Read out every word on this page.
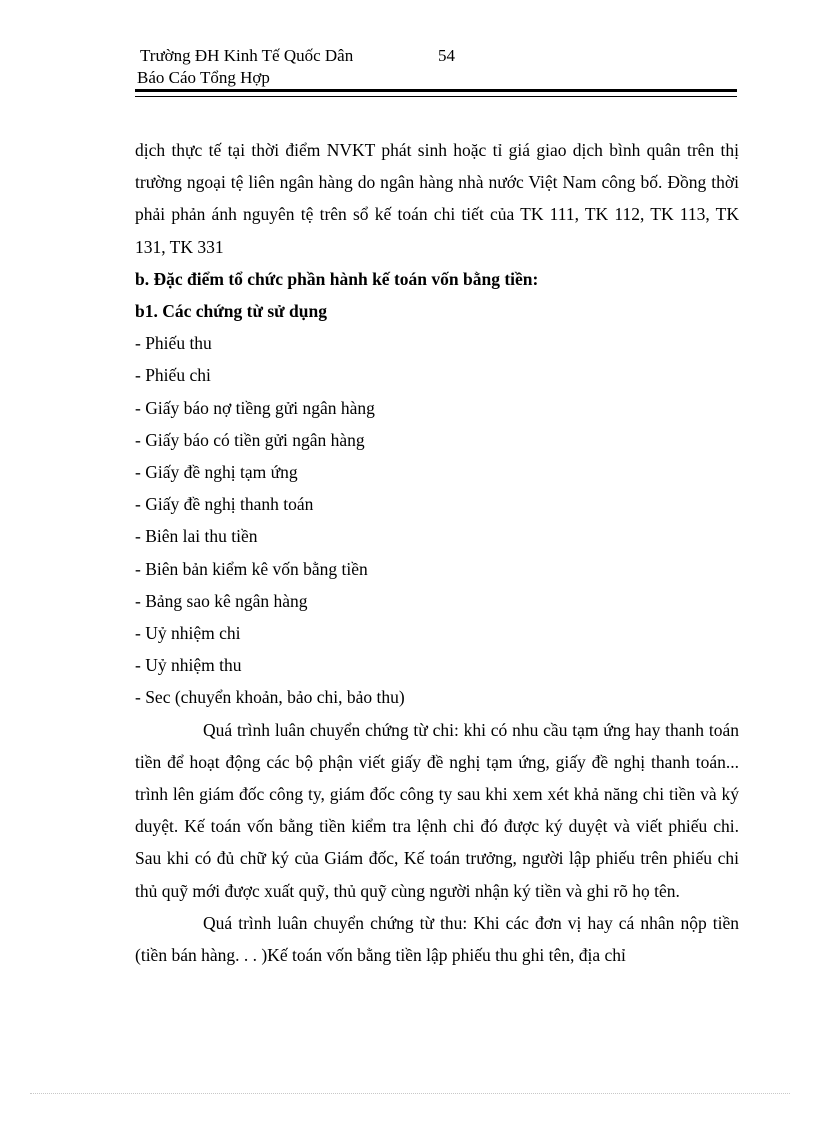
Trường ĐH Kinh Tế Quốc Dân	54
Báo Cáo Tổng Hợp

dịch thực tế tại thời điểm NVKT phát sinh hoặc tỉ giá giao dịch bình quân trên thị trường ngoại tệ liên ngân hàng do ngân hàng nhà nước Việt Nam công bố. Đồng thời phải phản ánh nguyên tệ trên sổ kế toán chi tiết của TK 111, TK 112, TK 113, TK 131, TK 331

b. Đặc điểm tổ chức phần hành kế toán vốn bằng tiền:

b1. Các chứng từ sử dụng

- Phiếu thu

- Phiếu chi

- Giấy báo nợ tiềng gửi ngân hàng

- Giấy báo có tiền gửi ngân hàng

- Giấy đề nghị tạm ứng

- Giấy đề nghị thanh toán

- Biên lai thu tiền

- Biên bản kiểm kê vốn bằng tiền

- Bảng sao kê ngân hàng

- Uỷ nhiệm chi

- Uỷ nhiệm thu

- Sec (chuyển khoản, bảo chi, bảo thu)

Quá trình luân chuyển chứng từ chi: khi có nhu cầu tạm ứng hay thanh toán tiền để hoạt động các bộ phận viết giấy đề nghị tạm ứng, giấy đề nghị thanh toán... trình lên giám đốc công ty, giám đốc công ty sau khi xem xét khả năng chi tiền và ký duyệt. Kế toán vốn bằng tiền kiểm tra lệnh chi đó được ký duyệt và viết phiếu chi. Sau khi có đủ chữ ký của Giám đốc, Kế toán trưởng, người lập phiếu trên phiếu chi thủ quỹ mới được xuất quỹ, thủ quỹ cùng người nhận ký tiền và ghi rõ họ tên.

Quá trình luân chuyển chứng từ thu: Khi các đơn vị hay cá nhân nộp tiền (tiền bán hàng. . . )Kế toán vốn bằng tiền lập phiếu thu ghi tên, địa chỉ
